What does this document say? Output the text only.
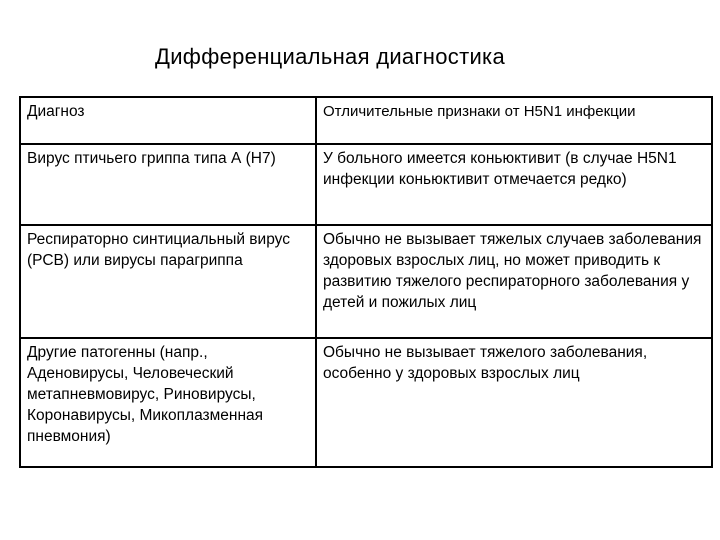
Дифференциальная диагностика
Диагноз	Отличительные признаки от H5N1 инфекции

Вирус птичьего гриппа типа А (H7)	У больного имеется коньюктивит (в случае H5N1 инфекции коньюктивит отмечается редко)

Респираторно синтициальный вирус (РСВ) или вирусы парагриппа	Обычно не вызывает тяжелых случаев заболевания здоровых взрослых лиц, но может приводить к развитию тяжелого респираторного заболевания у детей и пожилых лиц

Другие патогенны (напр., Аденовирусы, Человеческий метапневмовирус, Риновирусы, Коронавирусы, Микоплазменная пневмония)	Обычно не вызывает тяжелого заболевания, особенно у здоровых взрослых лиц
